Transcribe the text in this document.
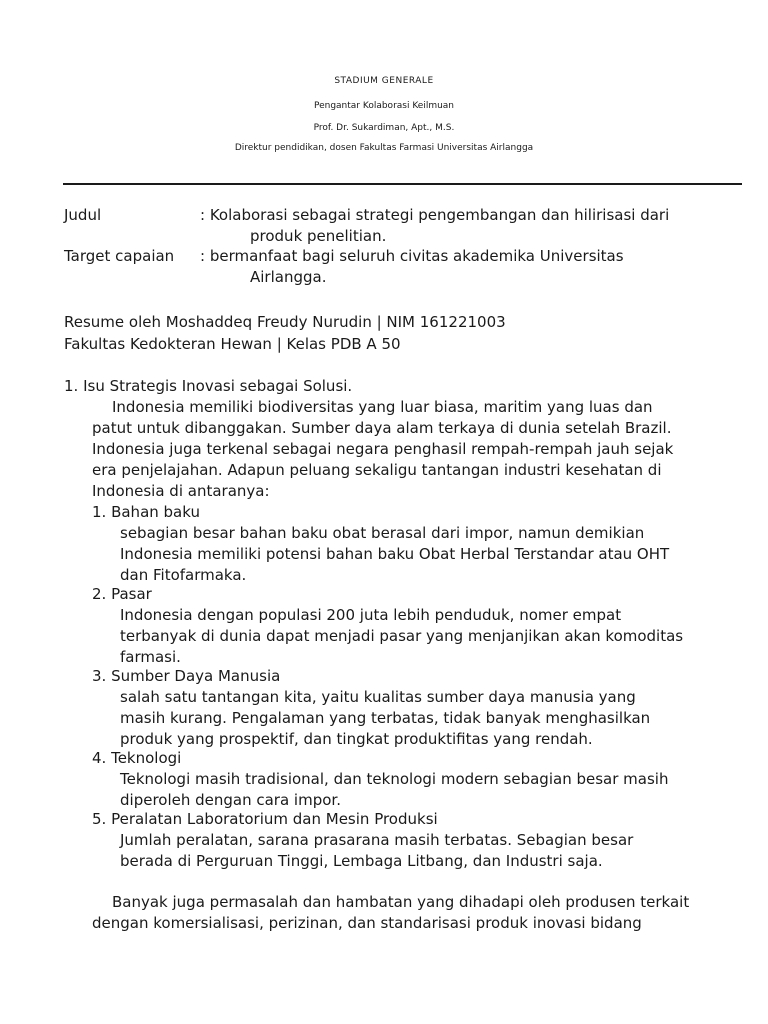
STADIUM GENERALE
Pengantar Kolaborasi Keilmuan
Prof. Dr. Sukardiman, Apt., M.S.
Direktur pendidikan, dosen Fakultas Farmasi Universitas Airlangga
Judul	: Kolaborasi sebagai strategi pengembangan dan hilirisasi dari
produk penelitian.
Target capaian : bermanfaat bagi seluruh civitas akademika Universitas
Airlangga.
Resume oleh Moshaddeq Freudy Nurudin | NIM 161221003
Fakultas Kedokteran Hewan | Kelas PDB A 50
1. Isu Strategis Inovasi sebagai Solusi.
Indonesia memiliki biodiversitas yang luar biasa, maritim yang luas dan
patut untuk dibanggakan. Sumber daya alam terkaya di dunia setelah Brazil.
Indonesia juga terkenal sebagai negara penghasil rempah-rempah jauh sejak
era penjelajahan. Adapun peluang sekaligu tantangan industri kesehatan di
Indonesia di antaranya:
1. Bahan baku
sebagian besar bahan baku obat berasal dari impor, namun demikian
Indonesia memiliki potensi bahan baku Obat Herbal Terstandar atau OHT
dan Fitofarmaka.
2. Pasar
Indonesia dengan populasi 200 juta lebih penduduk, nomer empat
terbanyak di dunia dapat menjadi pasar yang menjanjikan akan komoditas
farmasi.
3. Sumber Daya Manusia
salah satu tantangan kita, yaitu kualitas sumber daya manusia yang
masih kurang. Pengalaman yang terbatas, tidak banyak menghasilkan
produk yang prospektif, dan tingkat produktifitas yang rendah.
4. Teknologi
Teknologi masih tradisional, dan teknologi modern sebagian besar masih
diperoleh dengan cara impor.
5. Peralatan Laboratorium dan Mesin Produksi
Jumlah peralatan, sarana prasarana masih terbatas. Sebagian besar
berada di Perguruan Tinggi, Lembaga Litbang, dan Industri saja.
Banyak juga permasalah dan hambatan yang dihadapi oleh produsen terkait
dengan komersialisasi, perizinan, dan standarisasi produk inovasi bidang
